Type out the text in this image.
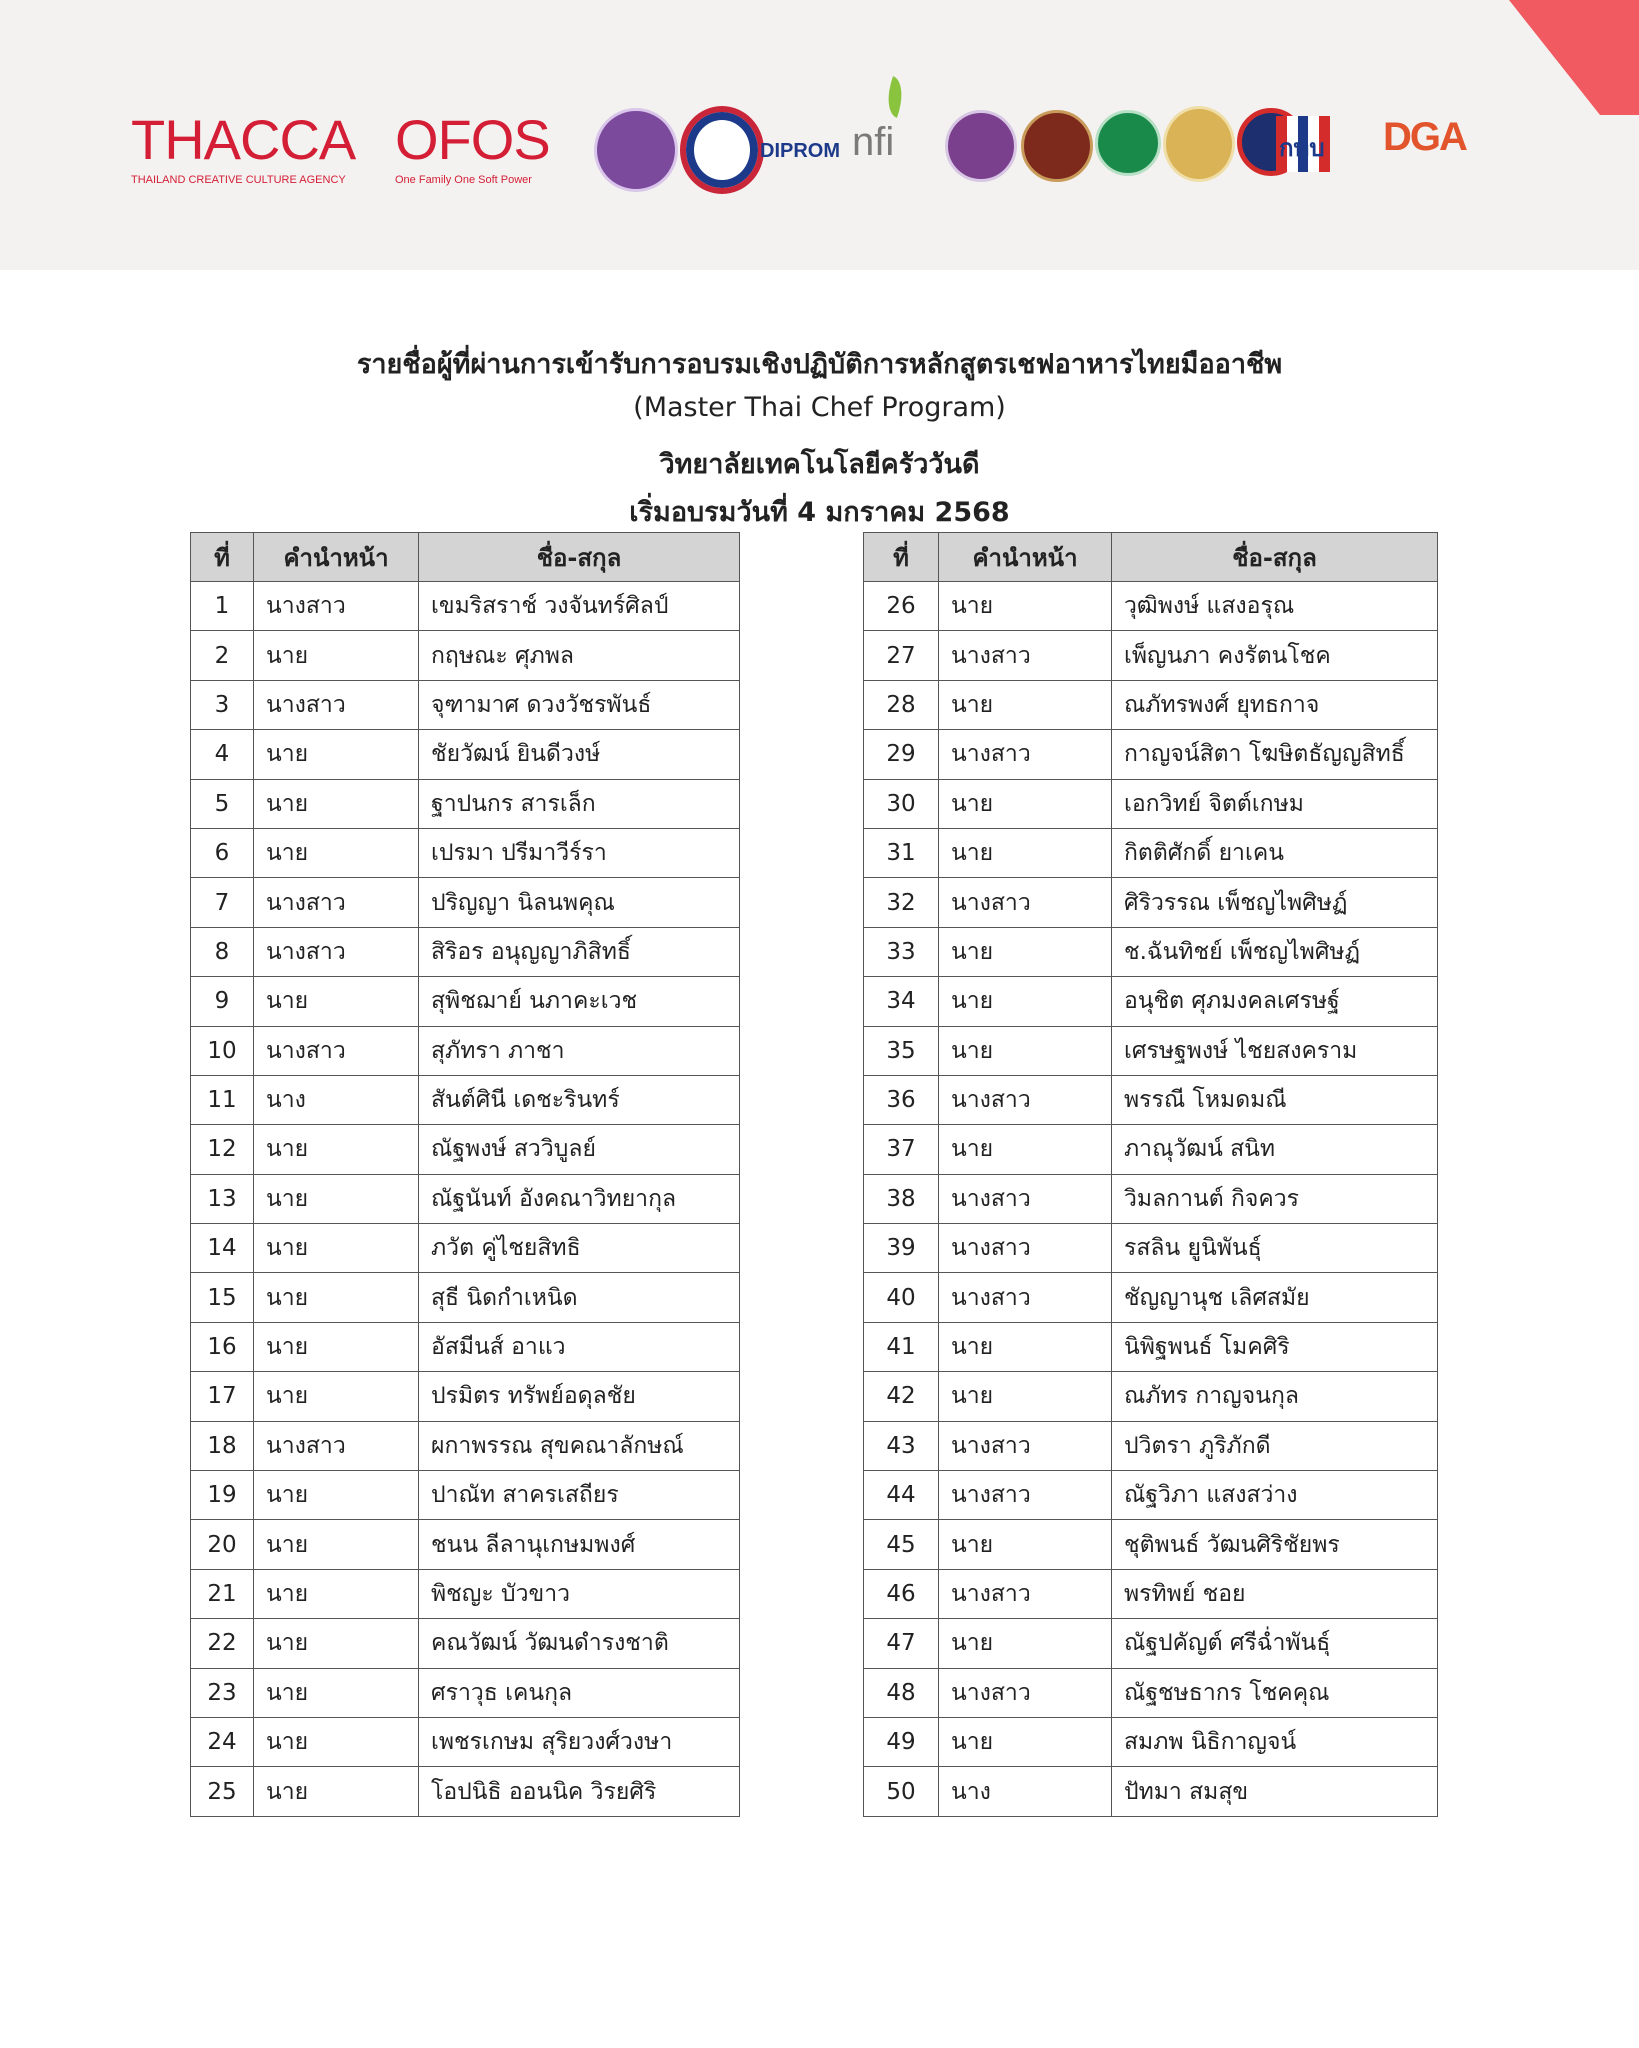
THACCA
THAILAND CREATIVE CULTURE AGENCY
OFOS
One Family One Soft Power
DIPROM nfi	กทบ DGA
รายชื่อผู้ที่ผ่านการเข้ารับการอบรมเชิงปฏิบัติการหลักสูตรเชฟอาหารไทยมืออาชีพ
(Master Thai Chef Program)
วิทยาลัยเทคโนโลยีครัววันดี
เริ่มอบรมวันที่ 4 มกราคม 2568
ที่	คำนำหน้า	ชื่อ-สกุล
1	นางสาว	เขมริสราช์ วงจันทร์ศิลป์
2	นาย	กฤษณะ ศุภพล
3	นางสาว	จุฑามาศ ดวงวัชรพันธ์
4	นาย	ชัยวัฒน์ ยินดีวงษ์
5	นาย	ฐาปนกร สารเล็ก
6	นาย	เปรมา ปรีมาวีร์รา
7	นางสาว	ปริญญา นิลนพคุณ
8	นางสาว	สิริอร อนุญญาภิสิทธิ์
9	นาย	สุพิชฌาย์ นภาคะเวช
10	นางสาว	สุภัทรา ภาชา
11	นาง	สันต์ศินี เดชะรินทร์
12	นาย	ณัฐพงษ์ สววิบูลย์
13	นาย	ณัฐนันท์ อังคณาวิทยากุล
14	นาย	ภวัต คู่ไชยสิทธิ
15	นาย	สุธี นิดกำเหนิด
16	นาย	อัสมีนส์ อาแว
17	นาย	ปรมิตร ทรัพย์อดุลชัย
18	นางสาว	ผกาพรรณ สุขคณาลักษณ์
19	นาย	ปาณัท สาครเสถียร
20	นาย	ชนน ลีลานุเกษมพงศ์
21	นาย	พิชญะ บัวขาว
22	นาย	คณวัฒน์ วัฒนดำรงชาติ
23	นาย	ศราวุธ เคนกุล
24	นาย	เพชรเกษม สุริยวงศ์วงษา
25	นาย	โอปนิธิ ออนนิค วิรยศิริ
ที่	คำนำหน้า	ชื่อ-สกุล
26	นาย	วุฒิพงษ์ แสงอรุณ
27	นางสาว	เพ็ญนภา คงรัตนโชค
28	นาย	ณภัทรพงศ์ ยุทธกาจ
29	นางสาว	กาญจน์สิตา โฆษิตธัญญสิทธิ์
30	นาย	เอกวิทย์ จิตต์เกษม
31	นาย	กิตติศักดิ์ ยาเคน
32	นางสาว	ศิริวรรณ เพ็ชญไพศิษฏ์
33	นาย	ช.ฉันทิชย์ เพ็ชญไพศิษฏ์
34	นาย	อนุชิต ศุภมงคลเศรษฐ์
35	นาย	เศรษฐพงษ์ ไชยสงคราม
36	นางสาว	พรรณี โหมดมณี
37	นาย	ภาณุวัฒน์ สนิท
38	นางสาว	วิมลกานต์ กิจควร
39	นางสาว	รสลิน ยูนิพันธุ์
40	นางสาว	ชัญญานุช เลิศสมัย
41	นาย	นิพิฐพนธ์ โมคศิริ
42	นาย	ณภัทร กาญจนกุล
43	นางสาว	ปวิตรา ภูริภักดี
44	นางสาว	ณัฐวิภา แสงสว่าง
45	นาย	ชุติพนธ์ วัฒนศิริชัยพร
46	นางสาว	พรทิพย์ ชอย
47	นาย	ณัฐปคัญต์ ศรีฉ่ำพันธุ์
48	นางสาว	ณัฐชษธากร โชคคุณ
49	นาย	สมภพ นิธิกาญจน์
50	นาง	ปัทมา สมสุข
